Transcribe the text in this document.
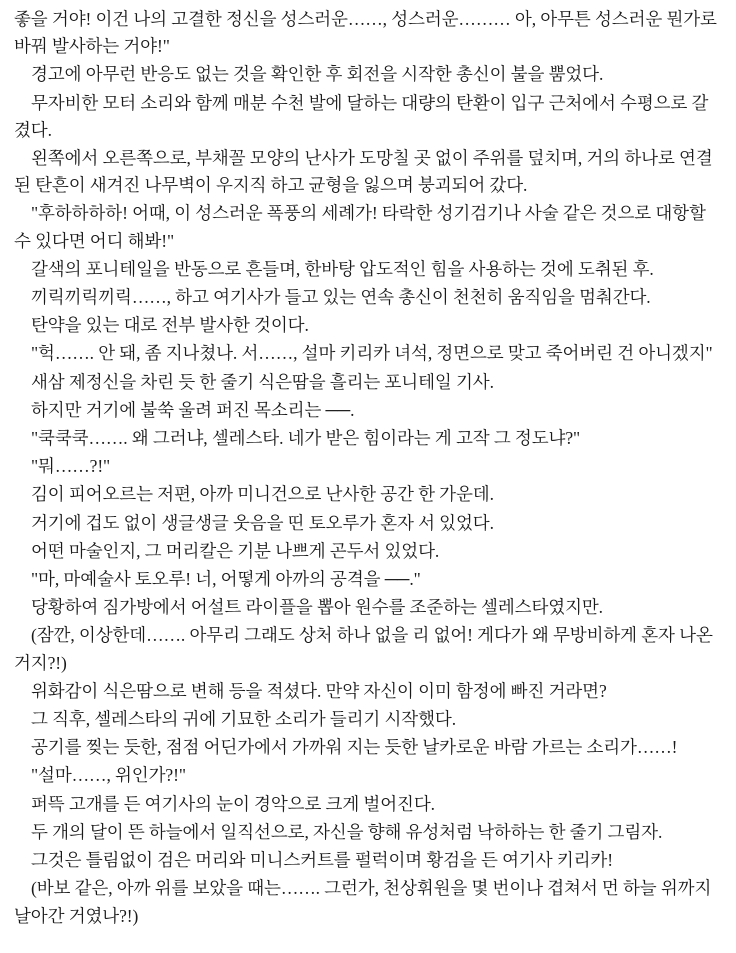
좋을 거야! 이건 나의 고결한 정신을 성스러운……, 성스러운……… 아, 아무튼 성스러운 뭔가로 바꿔 발사하는 거야!"

경고에 아무런 반응도 없는 것을 확인한 후 회전을 시작한 총신이 불을 뿜었다.

무자비한 모터 소리와 함께 매분 수천 발에 달하는 대량의 탄환이 입구 근처에서 수평으로 갈겼다.

왼쪽에서 오른쪽으로, 부채꼴 모양의 난사가 도망칠 곳 없이 주위를 덮치며, 거의 하나로 연결된 탄흔이 새겨진 나무벽이 우지직 하고 균형을 잃으며 붕괴되어 갔다.

"후하하하하! 어때, 이 성스러운 폭풍의 세례가! 타락한 성기검기나 사술 같은 것으로 대항할 수 있다면 어디 해봐!"

갈색의 포니테일을 반동으로 흔들며, 한바탕 압도적인 힘을 사용하는 것에 도취된 후.

끼릭끼릭끼릭……, 하고 여기사가 들고 있는 연속 총신이 천천히 움직임을 멈춰간다.

탄약을 있는 대로 전부 발사한 것이다.

"헉……. 안 돼, 좀 지나쳤나. 서……, 설마 키리카 녀석, 정면으로 맞고 죽어버린 건 아니겠지"

새삼 제정신을 차린 듯 한 줄기 식은땀을 흘리는 포니테일 기사.

하지만 거기에 불쑥 울려 퍼진 목소리는 ──.

"쿡쿡쿡……. 왜 그러냐, 셀레스타. 네가 받은 힘이라는 게 고작 그 정도냐?"

"뭐……?!"

김이 피어오르는 저편, 아까 미니건으로 난사한 공간 한 가운데.

거기에 겁도 없이 생글생글 웃음을 띤 토오루가 혼자 서 있었다.

어떤 마술인지, 그 머리칼은 기분 나쁘게 곤두서 있었다.

"마, 마예술사 토오루! 너, 어떻게 아까의 공격을 ──."

당황하여 짐가방에서 어설트 라이플을 뽑아 원수를 조준하는 셀레스타였지만.

(잠깐, 이상한데……. 아무리 그래도 상처 하나 없을 리 없어! 게다가 왜 무방비하게 혼자 나온 거지?!)

위화감이 식은땀으로 변해 등을 적셨다. 만약 자신이 이미 함정에 빠진 거라면?

그 직후, 셀레스타의 귀에 기묘한 소리가 들리기 시작했다.

공기를 찢는 듯한, 점점 어딘가에서 가까워 지는 듯한 날카로운 바람 가르는 소리가……!

"설마……, 위인가?!"

퍼뜩 고개를 든 여기사의 눈이 경악으로 크게 벌어진다.

두 개의 달이 뜬 하늘에서 일직선으로, 자신을 향해 유성처럼 낙하하는 한 줄기 그림자.

그것은 틀림없이 검은 머리와 미니스커트를 펄럭이며 황검을 든 여기사 키리카!

(바보 같은, 아까 위를 보았을 때는……. 그런가, 천상휘원을 몇 번이나 겹쳐서 먼 하늘 위까지 날아간 거였나?!)
